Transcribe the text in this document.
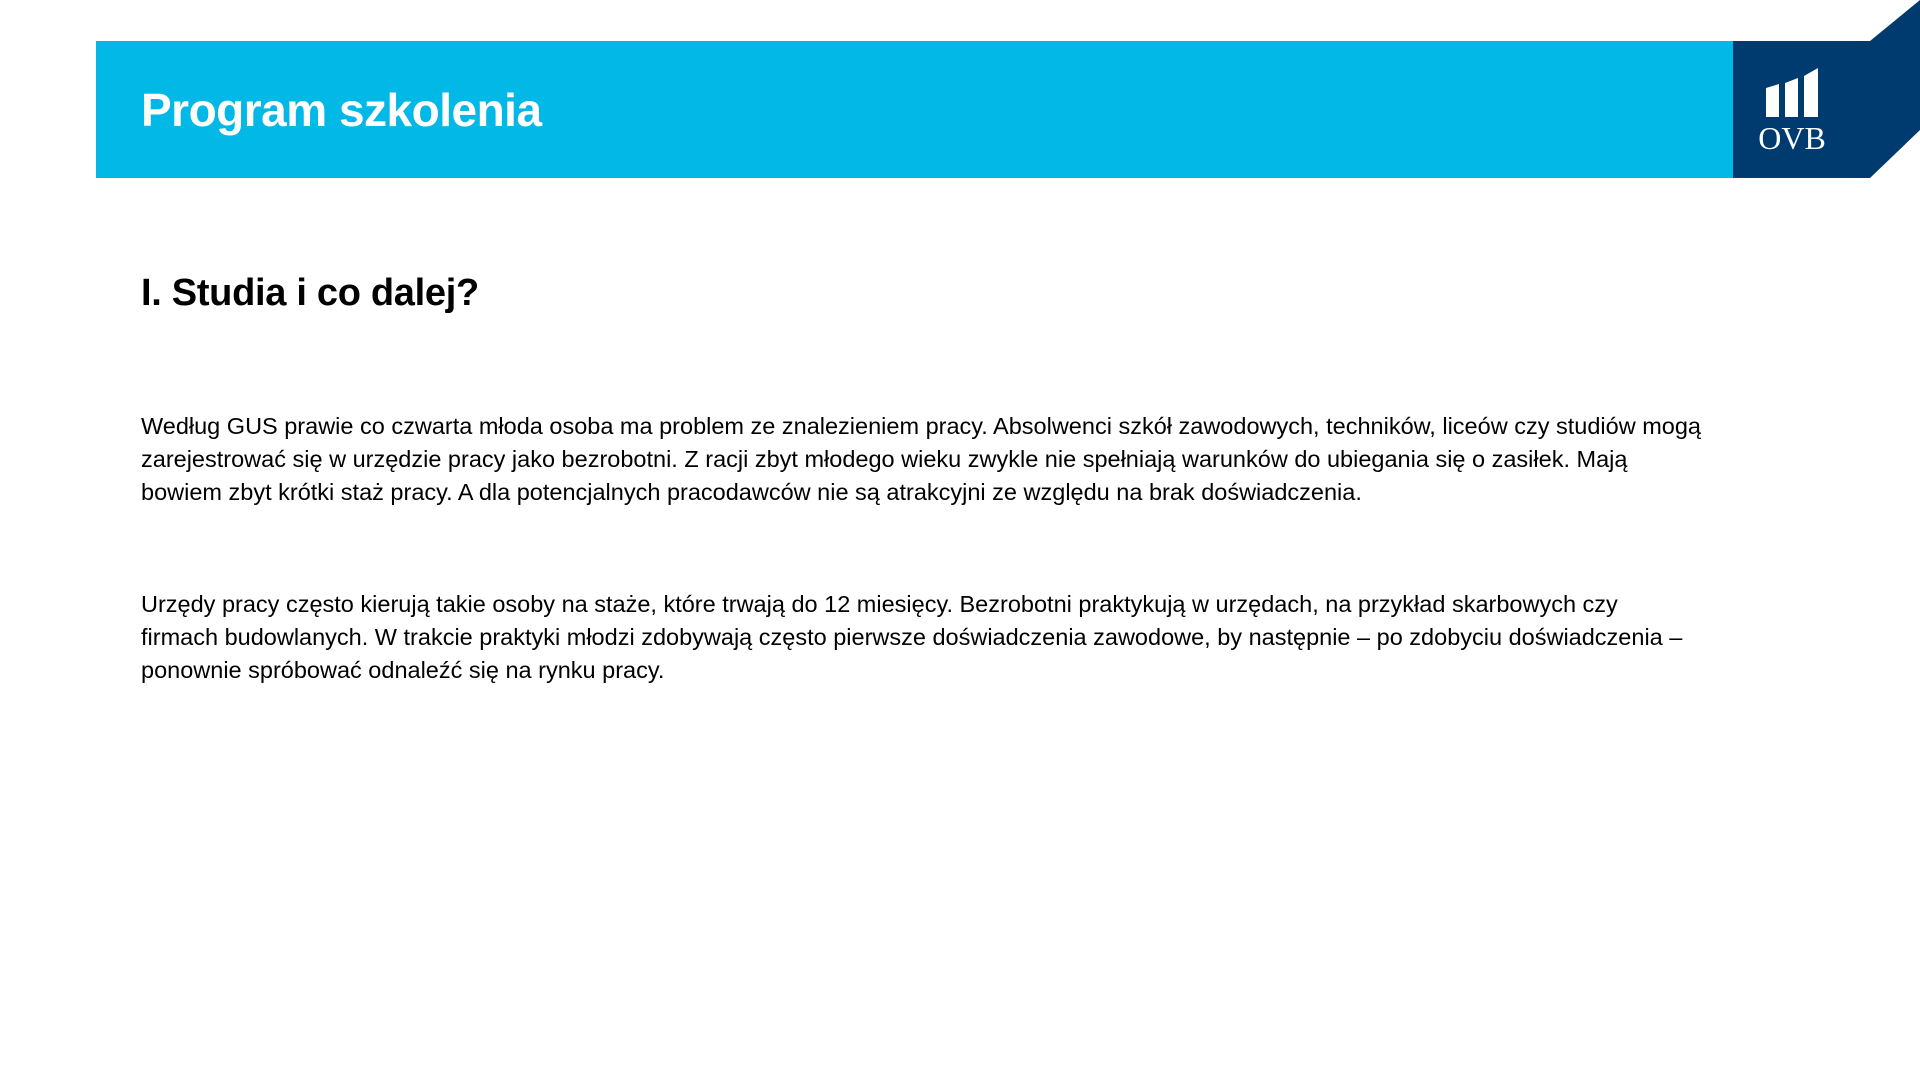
Program szkolenia
OVB
I. Studia i co dalej?

Według GUS prawie co czwarta młoda osoba ma problem ze znalezieniem pracy. Absolwenci szkół zawodowych, techników, liceów czy studiów mogą zarejestrować się w urzędzie pracy jako bezrobotni. Z racji zbyt młodego wieku zwykle nie spełniają warunków do ubiegania się o zasiłek. Mają bowiem zbyt krótki staż pracy. A dla potencjalnych pracodawców nie są atrakcyjni ze względu na brak doświadczenia.

Urzędy pracy często kierują takie osoby na staże, które trwają do 12 miesięcy. Bezrobotni praktykują w urzędach, na przykład skarbowych czy firmach budowlanych. W trakcie praktyki młodzi zdobywają często pierwsze doświadczenia zawodowe, by następnie – po zdobyciu doświadczenia – ponownie spróbować odnaleźć się na rynku pracy.
